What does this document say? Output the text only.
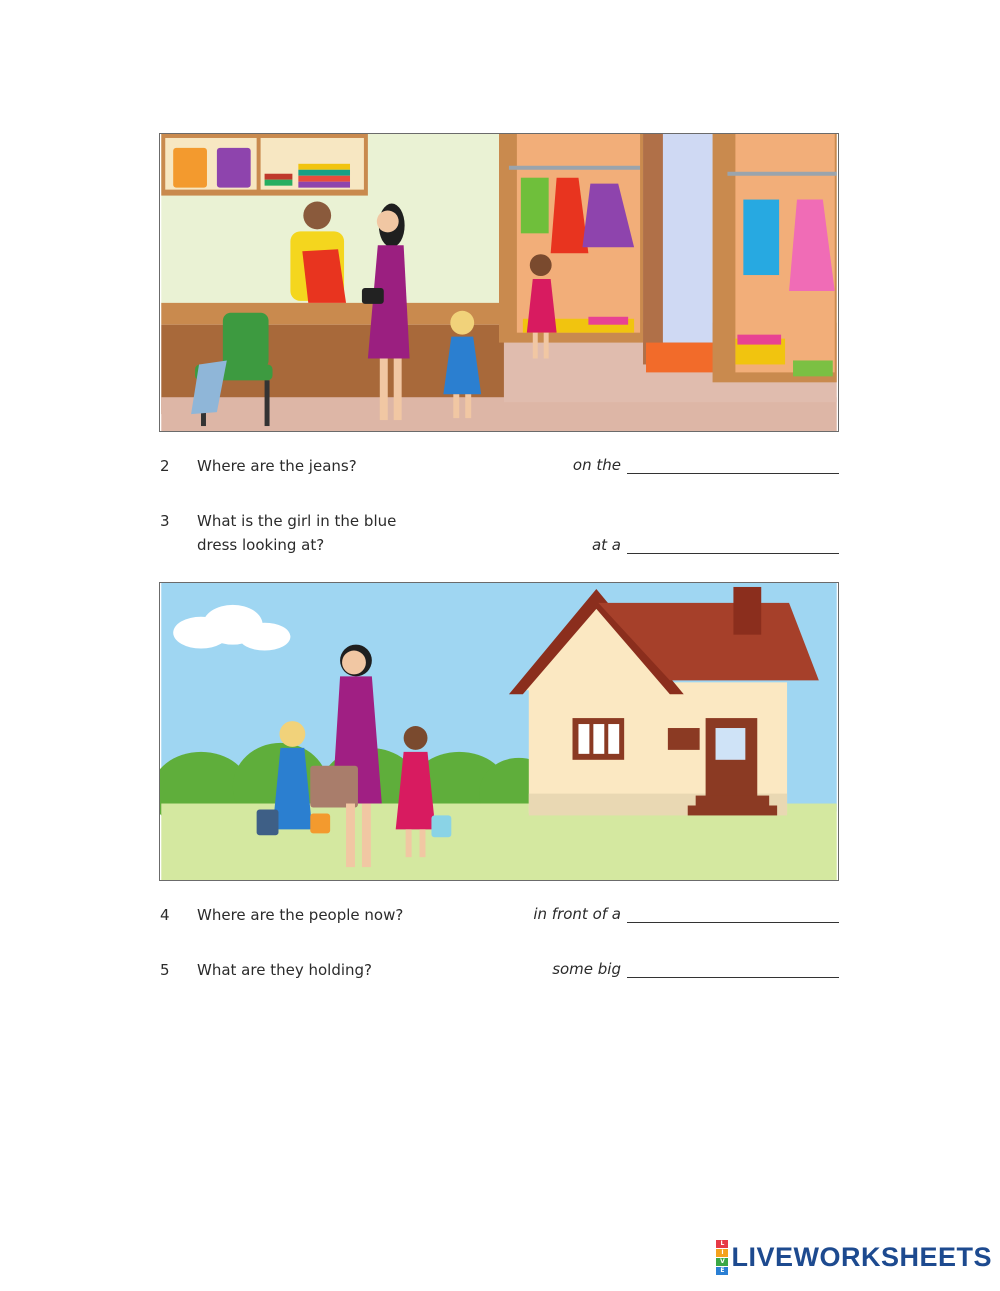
2 Where are the jeans?	on the
3 What is the girl in the blue
dress looking at?	at a
4 Where are the people now?	in front of a
5 What are they holding?	some big
L
I
V
E LIVEWORKSHEETS
